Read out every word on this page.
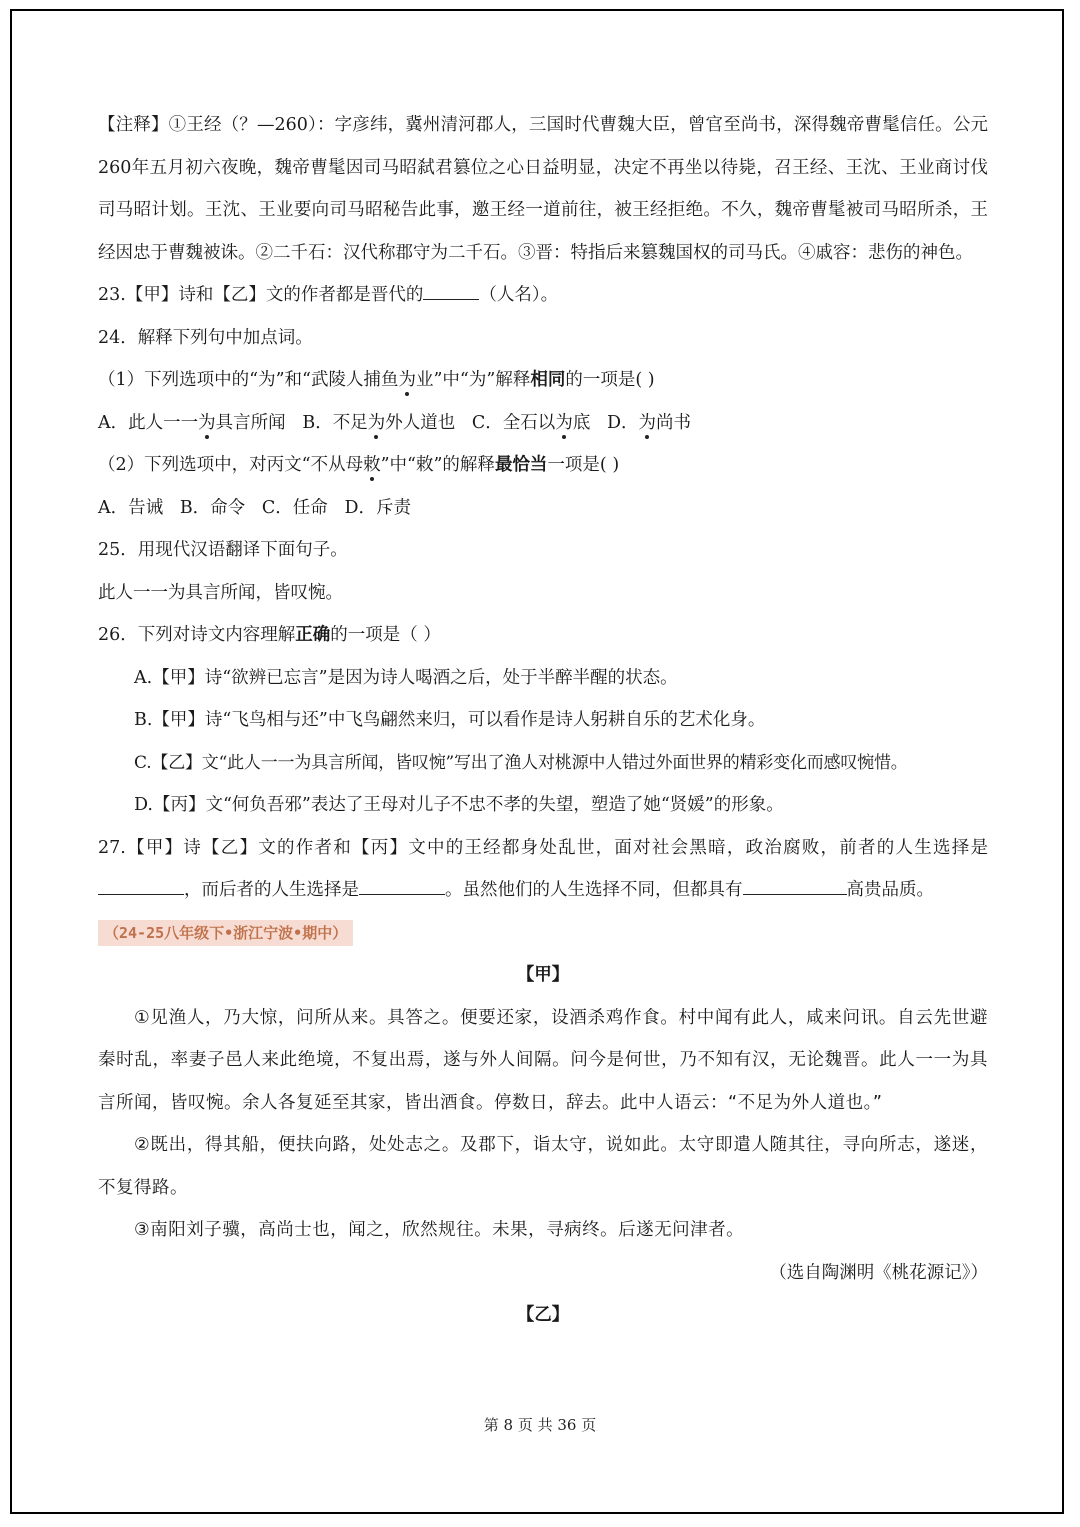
【注释】①王经（？—260）：字彦纬，冀州清河郡人，三国时代曹魏大臣，曾官至尚书，深得魏帝曹髦信任。公元260年五月初六夜晚，魏帝曹髦因司马昭弑君篡位之心日益明显，决定不再坐以待毙，召王经、王沈、王业商讨伐司马昭计划。王沈、王业要向司马昭秘告此事，邀王经一道前往，被王经拒绝。不久，魏帝曹髦被司马昭所杀，王经因忠于曹魏被诛。②二千石：汉代称郡守为二千石。③晋：特指后来篡魏国权的司马氏。④戚容：悲伤的神色。

23.【甲】诗和【乙】文的作者都是晋代的	（人名）。

24．解释下列句中加点词。

（1）下列选项中的“为”和“武陵人捕鱼为业”中“为”解释相同的一项是( )

A．此人一一为具言所闻 B．不足为外人道也 C．全石以为底 D．为尚书

（2）下列选项中，对丙文“不从母敕”中“敕”的解释最恰当一项是( )

A．告诫   B．命令   C．任命   D．斥责

25．用现代汉语翻译下面句子。

此人一一为具言所闻，皆叹惋。

26．下列对诗文内容理解正确的一项是（ ）

A.【甲】诗“欲辨已忘言”是因为诗人喝酒之后，处于半醉半醒的状态。

B.【甲】诗“飞鸟相与还”中飞鸟翩然来归，可以看作是诗人躬耕自乐的艺术化身。

C.【乙】文“此人一一为具言所闻，皆叹惋”写出了渔人对桃源中人错过外面世界的精彩变化而感叹惋惜。

D.【丙】文“何负吾邪”表达了王母对儿子不忠不孝的失望，塑造了她“贤媛”的形象。

27.【甲】诗【乙】文的作者和【丙】文中的王经都身处乱世，面对社会黑暗，政治腐败，前者的人生选择是，而后者的人生选择是	。虽然他们的人生选择不同，但都具有	高贵品质。

（24-25八年级下•浙江宁波•期中）

【甲】

①见渔人，乃大惊，问所从来。具答之。便要还家，设酒杀鸡作食。村中闻有此人，咸来问讯。自云先世避秦时乱，率妻子邑人来此绝境，不复出焉，遂与外人间隔。问今是何世，乃不知有汉，无论魏晋。此人一一为具言所闻，皆叹惋。余人各复延至其家，皆出酒食。停数日，辞去。此中人语云：“不足为外人道也。”

②既出，得其船，便扶向路，处处志之。及郡下，诣太守，说如此。太守即遣人随其往，寻向所志，遂迷，不复得路。

③南阳刘子骥，高尚士也，闻之，欣然规往。未果，寻病终。后遂无问津者。

（选自陶渊明《桃花源记》）

【乙】

第 8 页 共 36 页
